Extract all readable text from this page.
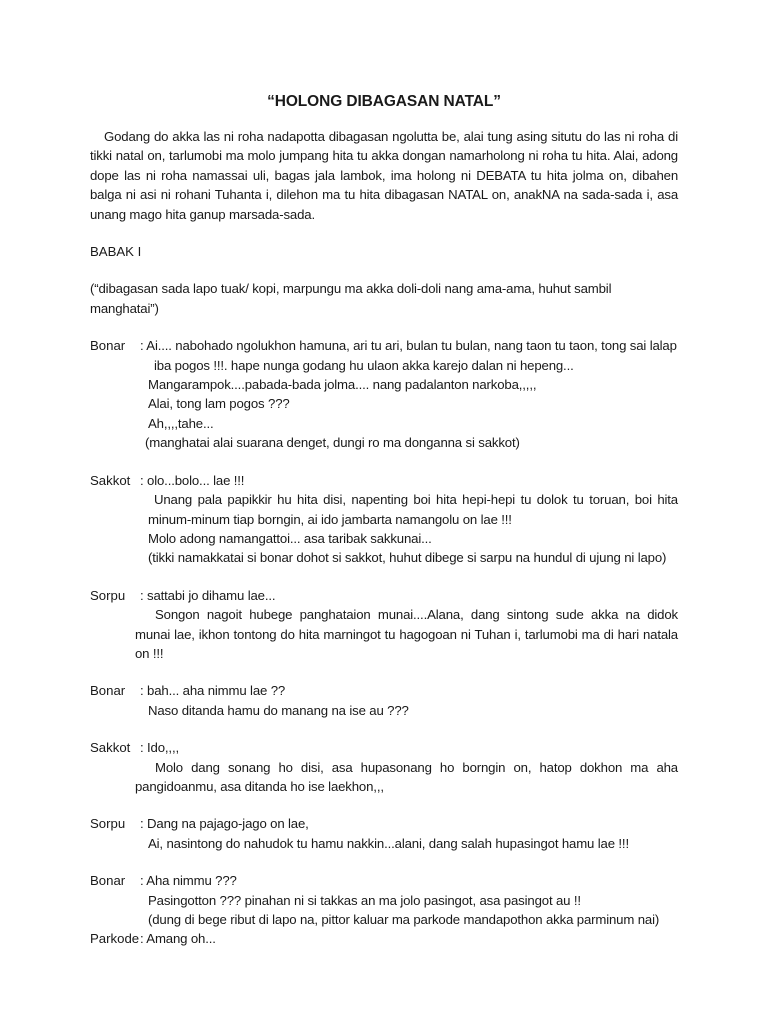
“HOLONG DIBAGASAN NATAL”
Godang do akka las ni roha nadapotta dibagasan ngolutta be, alai tung asing situtu do las ni roha di tikki natal on, tarlumobi ma molo jumpang hita tu akka dongan namarholong ni roha tu hita. Alai, adong dope las ni roha namassai uli, bagas jala lambok, ima holong ni DEBATA tu hita jolma on, dibahen balga ni asi ni rohani Tuhanta i, dilehon ma tu hita dibagasan NATAL on, anakNA na sada-sada i, asa unang mago hita ganup marsada-sada.
BABAK I
(“dibagasan sada lapo tuak/ kopi, marpungu ma akka doli-doli nang ama-ama, huhut sambil manghatai”)
Bonar	: Ai.... nabohado ngolukhon hamuna, ari tu ari, bulan tu bulan, nang taon tu taon, tong sai lalap
iba pogos !!!. hape nunga godang hu ulaon akka karejo dalan ni hepeng...
Mangarampok....pabada-bada jolma.... nang padalanton narkoba,,,,,
Alai, tong lam pogos ???
Ah,,,,tahe...
(manghatai alai suarana denget, dungi ro ma donganna si sakkot)
Sakkot : olo...bolo... lae !!!
Unang pala papikkir hu hita disi, napenting boi hita hepi-hepi tu dolok tu toruan, boi hita minum-minum tiap borngin, ai ido jambarta namangolu on lae !!!
Molo adong namangattoi... asa taribak sakkunai...
(tikki namakkatai si bonar dohot si sakkot, huhut dibege si sarpu na hundul di ujung ni lapo)
Sorpu	: sattabi jo dihamu lae...
Songon nagoit hubege panghataion munai....Alana, dang sintong sude akka na didok munai lae, ikhon tontong do hita marningot tu hagogoan ni Tuhan i, tarlumobi ma di hari natala on !!!
Bonar	: bah... aha nimmu lae ??
Naso ditanda hamu do manang na ise au ???
Sakkot : Ido,,,,
Molo dang sonang ho disi, asa hupasonang ho borngin on, hatop dokhon ma aha pangidoanmu, asa ditanda ho ise laekhon,,,
Sorpu	: Dang na pajago-jago on lae,
Ai, nasintong do nahudok tu hamu nakkin...alani, dang salah hupasingot hamu lae !!!
Bonar	: Aha nimmu ???
Pasingotton ??? pinahan ni si takkas an ma jolo pasingot, asa pasingot au !!
(dung di bege ribut di lapo na, pittor kaluar ma parkode mandapothon akka parminum nai)
Parkode : Amang oh...
